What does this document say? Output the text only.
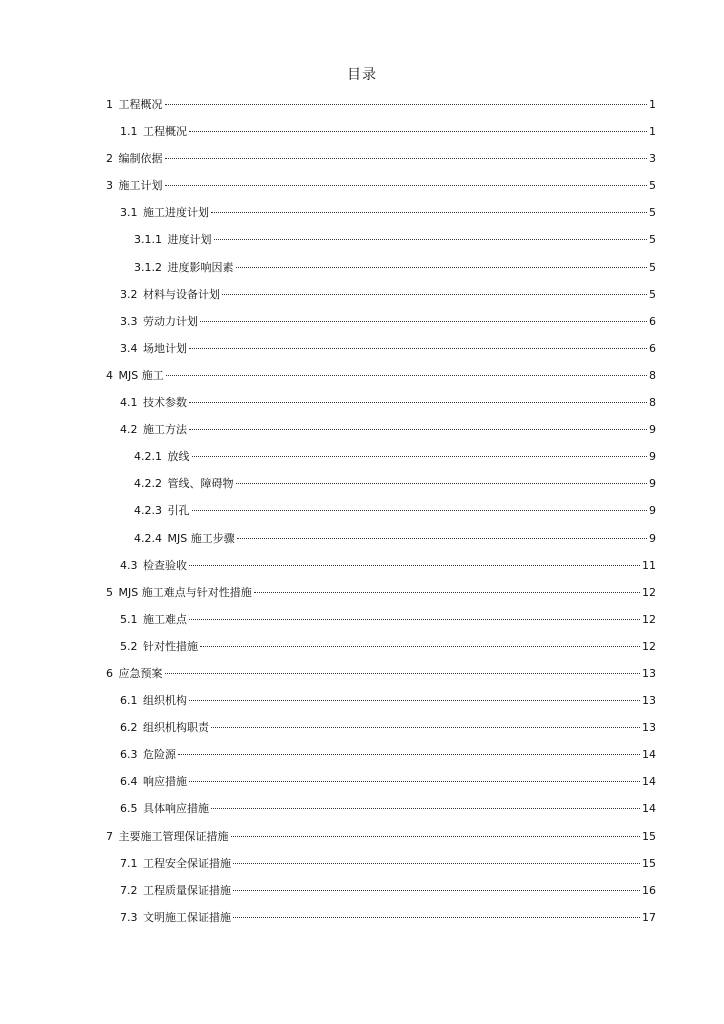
目录
1 工程概况	1
1.1 工程概况	1
2 编制依据	3
3 施工计划	5
3.1 施工进度计划	5
3.1.1 进度计划	5
3.1.2 进度影响因素	5
3.2 材料与设备计划	5
3.3 劳动力计划	6
3.4 场地计划	6
4 MJS 施工	8
4.1 技术参数	8
4.2 施工方法	9
4.2.1 放线	9
4.2.2 管线、障碍物	9
4.2.3 引孔	9
4.2.4 MJS 施工步骤	9
4.3 检查验收	11
5 MJS 施工难点与针对性措施	12
5.1 施工难点	12
5.2 针对性措施	12
6 应急预案	13
6.1 组织机构	13
6.2 组织机构职责	13
6.3 危险源	14
6.4 响应措施	14
6.5 具体响应措施	14
7 主要施工管理保证措施	15
7.1 工程安全保证措施	15
7.2 工程质量保证措施	16
7.3 文明施工保证措施	17
